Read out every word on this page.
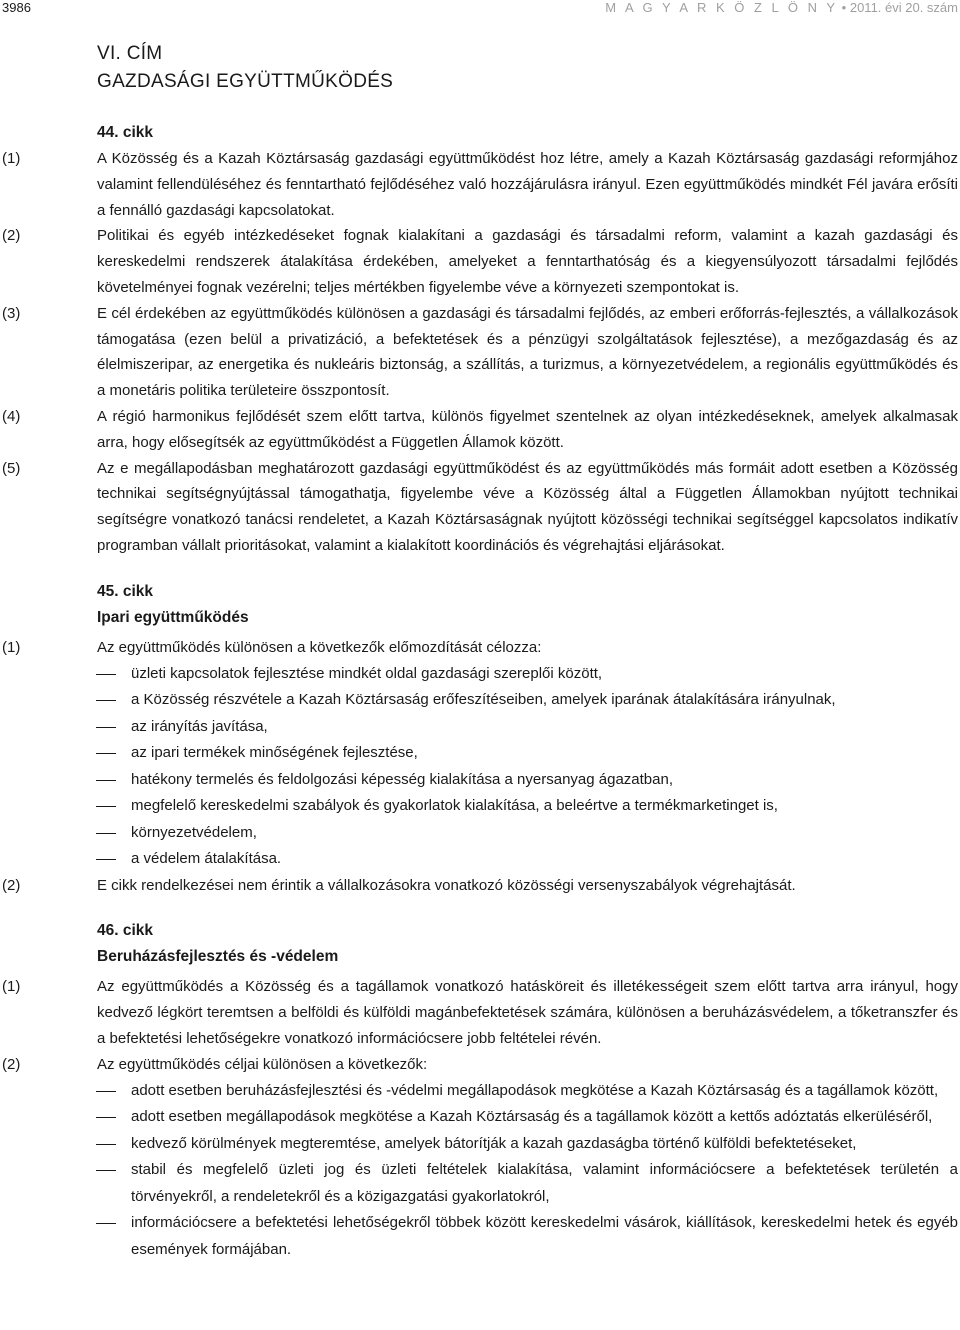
3986	M A G Y A R K Ö Z L Ö N Y • 2011. évi 20. szám
VI. CÍM
GAZDASÁGI EGYÜTTMŰKÖDÉS
44. cikk
(1)	A Közösség és a Kazah Köztársaság gazdasági együttműködést hoz létre, amely a Kazah Köztársaság gazdasági reformjához valamint fellendüléséhez és fenntartható fejlődéséhez való hozzájárulásra irányul. Ezen együttműködés mindkét Fél javára erősíti a fennálló gazdasági kapcsolatokat.
(2)	Politikai és egyéb intézkedéseket fognak kialakítani a gazdasági és társadalmi reform, valamint a kazah gazdasági és kereskedelmi rendszerek átalakítása érdekében, amelyeket a fenntarthatóság és a kiegyensúlyozott társadalmi fejlődés követelményei fognak vezérelni; teljes mértékben figyelembe véve a környezeti szempontokat is.
(3)	E cél érdekében az együttműködés különösen a gazdasági és társadalmi fejlődés, az emberi erőforrás-fejlesztés, a vállalkozások támogatása (ezen belül a privatizáció, a befektetések és a pénzügyi szolgáltatások fejlesztése), a mezőgazdaság és az élelmiszeripar, az energetika és nukleáris biztonság, a szállítás, a turizmus, a környezetvédelem, a regionális együttműködés és a monetáris politika területeire összpontosít.
(4)	A régió harmonikus fejlődését szem előtt tartva, különös figyelmet szentelnek az olyan intézkedéseknek, amelyek alkalmasak arra, hogy elősegítsék az együttműködést a Független Államok között.
(5)	Az e megállapodásban meghatározott gazdasági együttműködést és az együttműködés más formáit adott esetben a Közösség technikai segítségnyújtással támogathatja, figyelembe véve a Közösség által a Független Államokban nyújtott technikai segítségre vonatkozó tanácsi rendeletet, a Kazah Köztársaságnak nyújtott közösségi technikai segítséggel kapcsolatos indikatív programban vállalt prioritásokat, valamint a kialakított koordinációs és végrehajtási eljárásokat.
45. cikk
Ipari együttműködés
(1)	Az együttműködés különösen a következők előmozdítását célozza:
üzleti kapcsolatok fejlesztése mindkét oldal gazdasági szereplői között,
a Közösség részvétele a Kazah Köztársaság erőfeszítéseiben, amelyek iparának átalakítására irányulnak,
az irányítás javítása,
az ipari termékek minőségének fejlesztése,
hatékony termelés és feldolgozási képesség kialakítása a nyersanyag ágazatban,
megfelelő kereskedelmi szabályok és gyakorlatok kialakítása, a beleértve a termékmarketinget is,
környezetvédelem,
a védelem átalakítása.
(2)	E cikk rendelkezései nem érintik a vállalkozásokra vonatkozó közösségi versenyszabályok végrehajtását.
46. cikk
Beruházásfejlesztés és -védelem
(1)	Az együttműködés a Közösség és a tagállamok vonatkozó hatásköreit és illetékességeit szem előtt tartva arra irányul, hogy kedvező légkört teremtsen a belföldi és külföldi magánbefektetések számára, különösen a beruházásvédelem, a tőketranszfer és a befektetési lehetőségekre vonatkozó információcsere jobb feltételei révén.
(2)	Az együttműködés céljai különösen a következők:
adott esetben beruházásfejlesztési és -védelmi megállapodások megkötése a Kazah Köztársaság és a tagállamok között,
adott esetben megállapodások megkötése a Kazah Köztársaság és a tagállamok között a kettős adóztatás elkerüléséről,
kedvező körülmények megteremtése, amelyek bátorítják a kazah gazdaságba történő külföldi befektetéseket,
stabil és megfelelő üzleti jog és üzleti feltételek kialakítása, valamint információcsere a befektetések területén a törvényekről, a rendeletekről és a közigazgatási gyakorlatokról,
információcsere a befektetési lehetőségekről többek között kereskedelmi vásárok, kiállítások, kereskedelmi hetek és egyéb események formájában.
